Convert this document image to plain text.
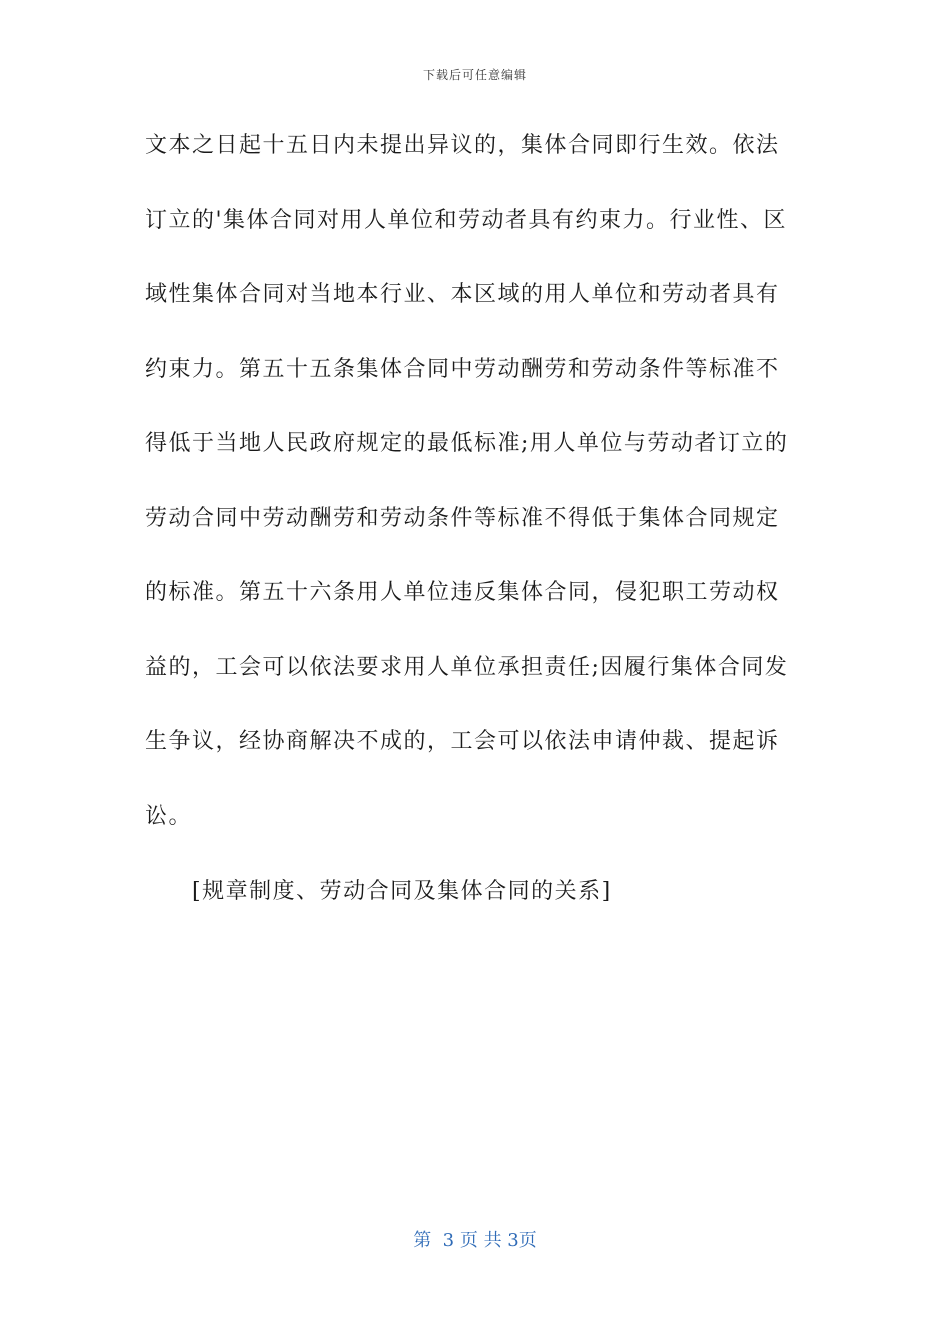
下载后可任意编辑
文本之日起十五日内未提出异议的，集体合同即行生效。依法
订立的'集体合同对用人单位和劳动者具有约束力。行业性、区
域性集体合同对当地本行业、本区域的用人单位和劳动者具有
约束力。第五十五条集体合同中劳动酬劳和劳动条件等标准不
得低于当地人民政府规定的最低标准;用人单位与劳动者订立的
劳动合同中劳动酬劳和劳动条件等标准不得低于集体合同规定
的标准。第五十六条用人单位违反集体合同，侵犯职工劳动权
益的，工会可以依法要求用人单位承担责任;因履行集体合同发
生争议，经协商解决不成的，工会可以依法申请仲裁、提起诉
讼。
[规章制度、劳动合同及集体合同的关系]
第  3 页 共 3页
